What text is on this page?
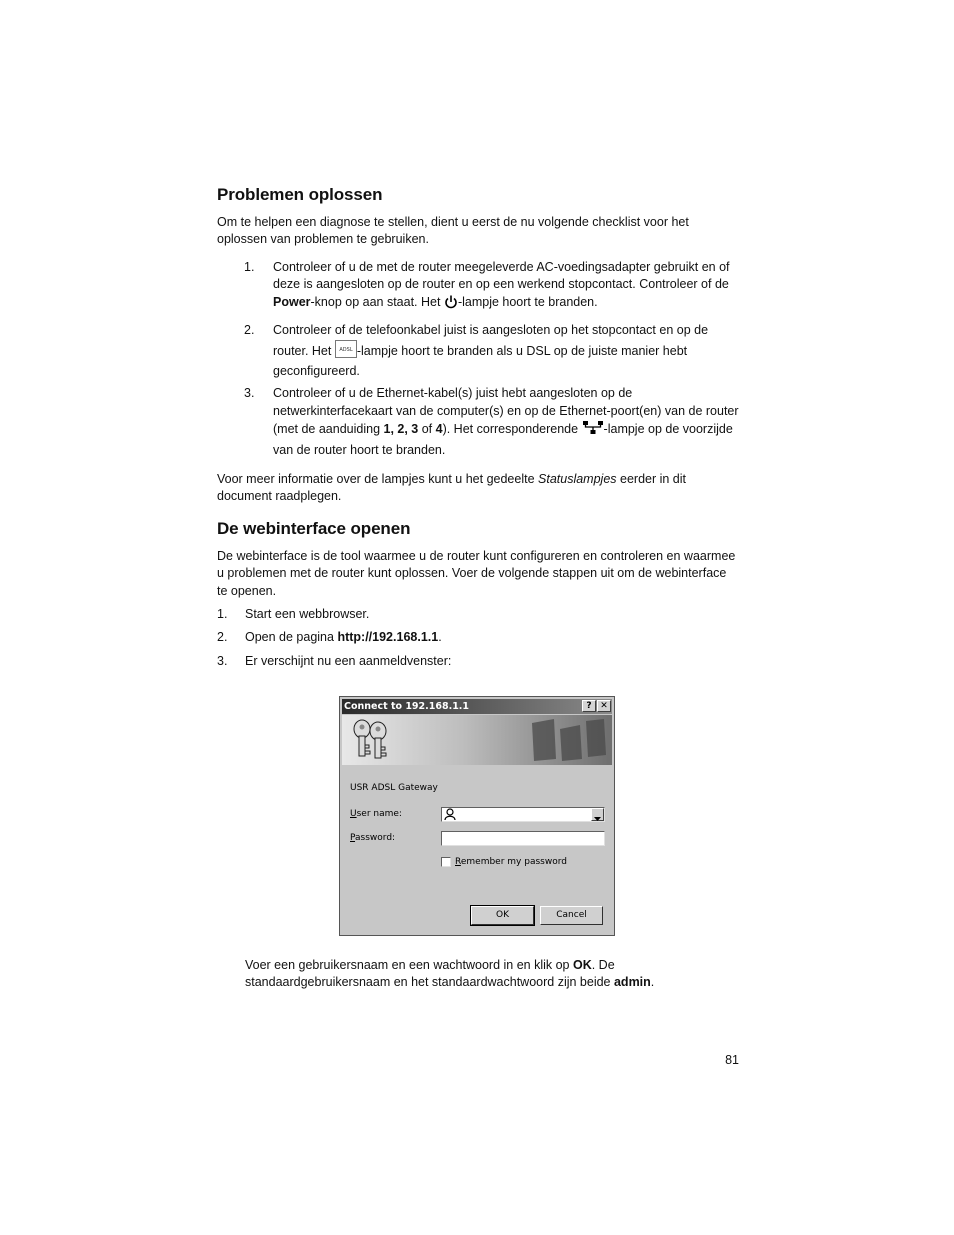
Problemen oplossen

Om te helpen een diagnose te stellen, dient u eerst de nu volgende checklist voor het oplossen van problemen te gebruiken.

1. Controleer of u de met de router meegeleverde AC-voedingsadapter gebruikt en of deze is aangesloten op de router en op een werkend stopcontact. Controleer of de Power-knop op aan staat. Het -lampje hoort te branden.
2. Controleer of de telefoonkabel juist is aangesloten op het stopcontact en op de router. Het ADSL -lampje hoort te branden als u DSL op de juiste manier hebt geconfigureerd.
3. Controleer of u de Ethernet-kabel(s) juist hebt aangesloten op de netwerkinterfacekaart van de computer(s) en op de Ethernet-poort(en) van de router (met de aanduiding 1, 2, 3 of 4). Het corresponderende -lampje op de voorzijde van de router hoort te branden.

Voor meer informatie over de lampjes kunt u het gedeelte Statuslampjes eerder in dit document raadplegen.

De webinterface openen

De webinterface is de tool waarmee u de router kunt configureren en controleren en waarmee u problemen met de router kunt oplossen. Voer de volgende stappen uit om de webinterface te openen.

1. Start een webbrowser.
2. Open de pagina http://192.168.1.1.
3. Er verschijnt nu een aanmeldvenster:

Voer een gebruikersnaam en een wachtwoord in en klik op OK. De standaardgebruikersnaam en het standaardwachtwoord zijn beide admin.

81
Connect to 192.168.1.1	? ✕
USR ADSL Gateway
User name:
Password:
Remember my password
OK	Cancel
